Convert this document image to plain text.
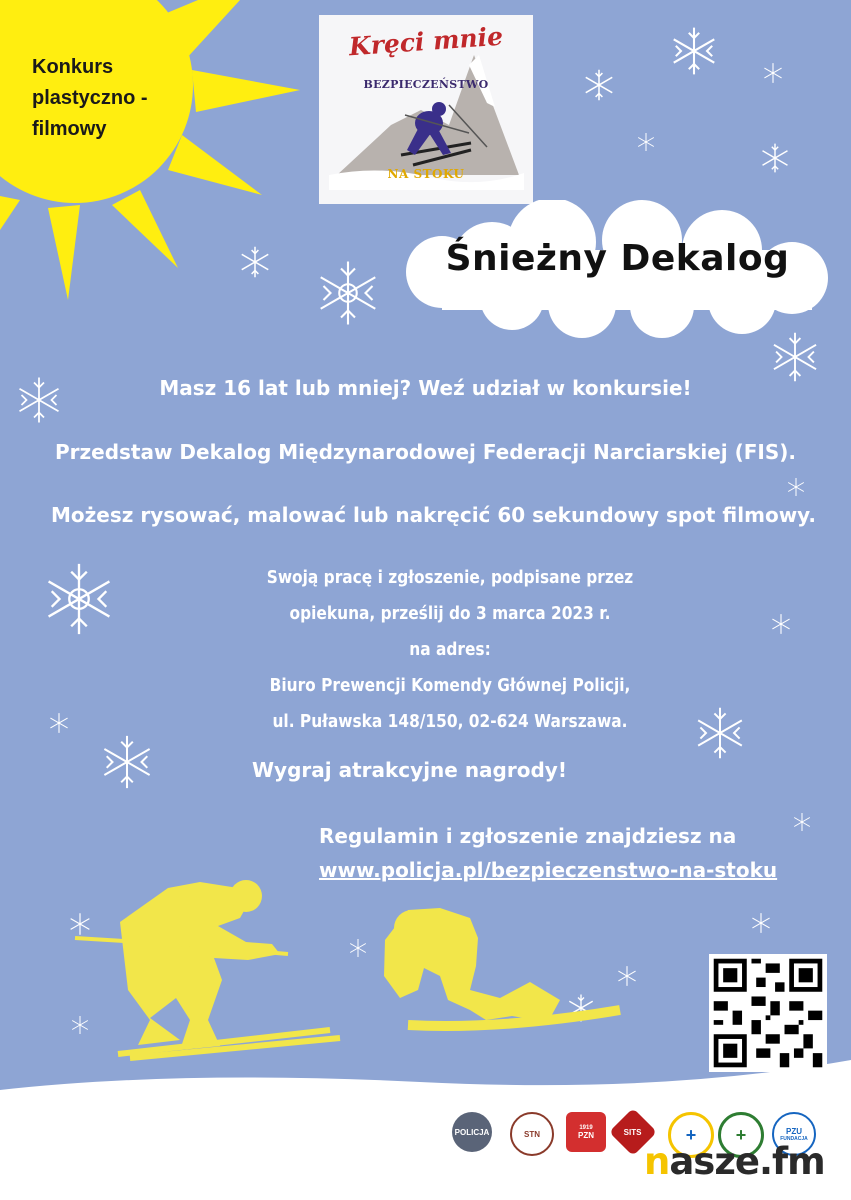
Konkurs
plastyczno -
filmowy
Kręci mnie
BEZPIECZEŃSTWO
NA STOKU
Śnieżny Dekalog
Masz 16 lat lub mniej? Weź udział w konkursie!
Przedstaw Dekalog Międzynarodowej Federacji Narciarskiej (FIS).
Możesz rysować, malować lub nakręcić 60 sekundowy spot filmowy.
Swoją pracę i zgłoszenie, podpisane przez
opiekuna, prześlij do 3 marca 2023 r.
na adres:
Biuro Prewencji Komendy Głównej Policji,
ul. Puławska 148/150, 02-624 Warszawa.
Wygraj atrakcyjne nagrody!
Regulamin i zgłoszenie znajdziesz na
www.policja.pl/bezpieczenstwo-na-stoku
POLICJA	STN
1919
PZN	SITS + +	PZU
FUNDACJA
nasze.fm
